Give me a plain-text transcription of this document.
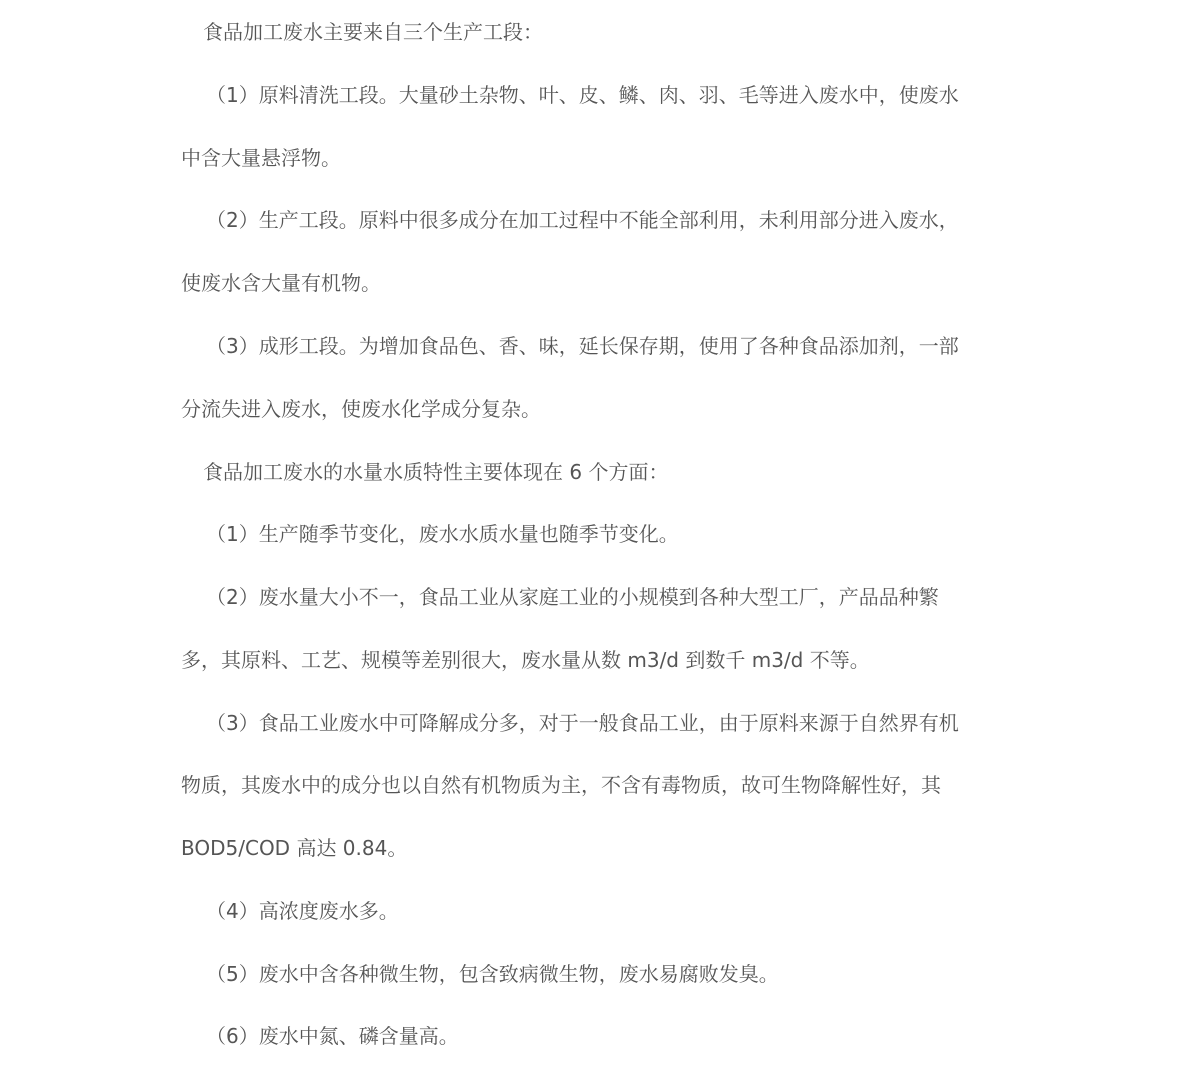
食品加工废水主要来自三个生产工段：
（1）原料清洗工段。大量砂土杂物、叶、皮、鳞、肉、羽、毛等进入废水中，使废水
中含大量悬浮物。
（2）生产工段。原料中很多成分在加工过程中不能全部利用，未利用部分进入废水，
使废水含大量有机物。
（3）成形工段。为增加食品色、香、味，延长保存期，使用了各种食品添加剂，一部
分流失进入废水，使废水化学成分复杂。
食品加工废水的水量水质特性主要体现在 6 个方面：
（1）生产随季节变化，废水水质水量也随季节变化。
（2）废水量大小不一，食品工业从家庭工业的小规模到各种大型工厂，产品品种繁
多，其原料、工艺、规模等差别很大，废水量从数 m3/d 到数千 m3/d 不等。
（3）食品工业废水中可降解成分多，对于一般食品工业，由于原料来源于自然界有机
物质，其废水中的成分也以自然有机物质为主，不含有毒物质，故可生物降解性好，其
BOD5/COD 高达 0.84。
（4）高浓度废水多。
（5）废水中含各种微生物，包含致病微生物，废水易腐败发臭。
（6）废水中氮、磷含量高。
